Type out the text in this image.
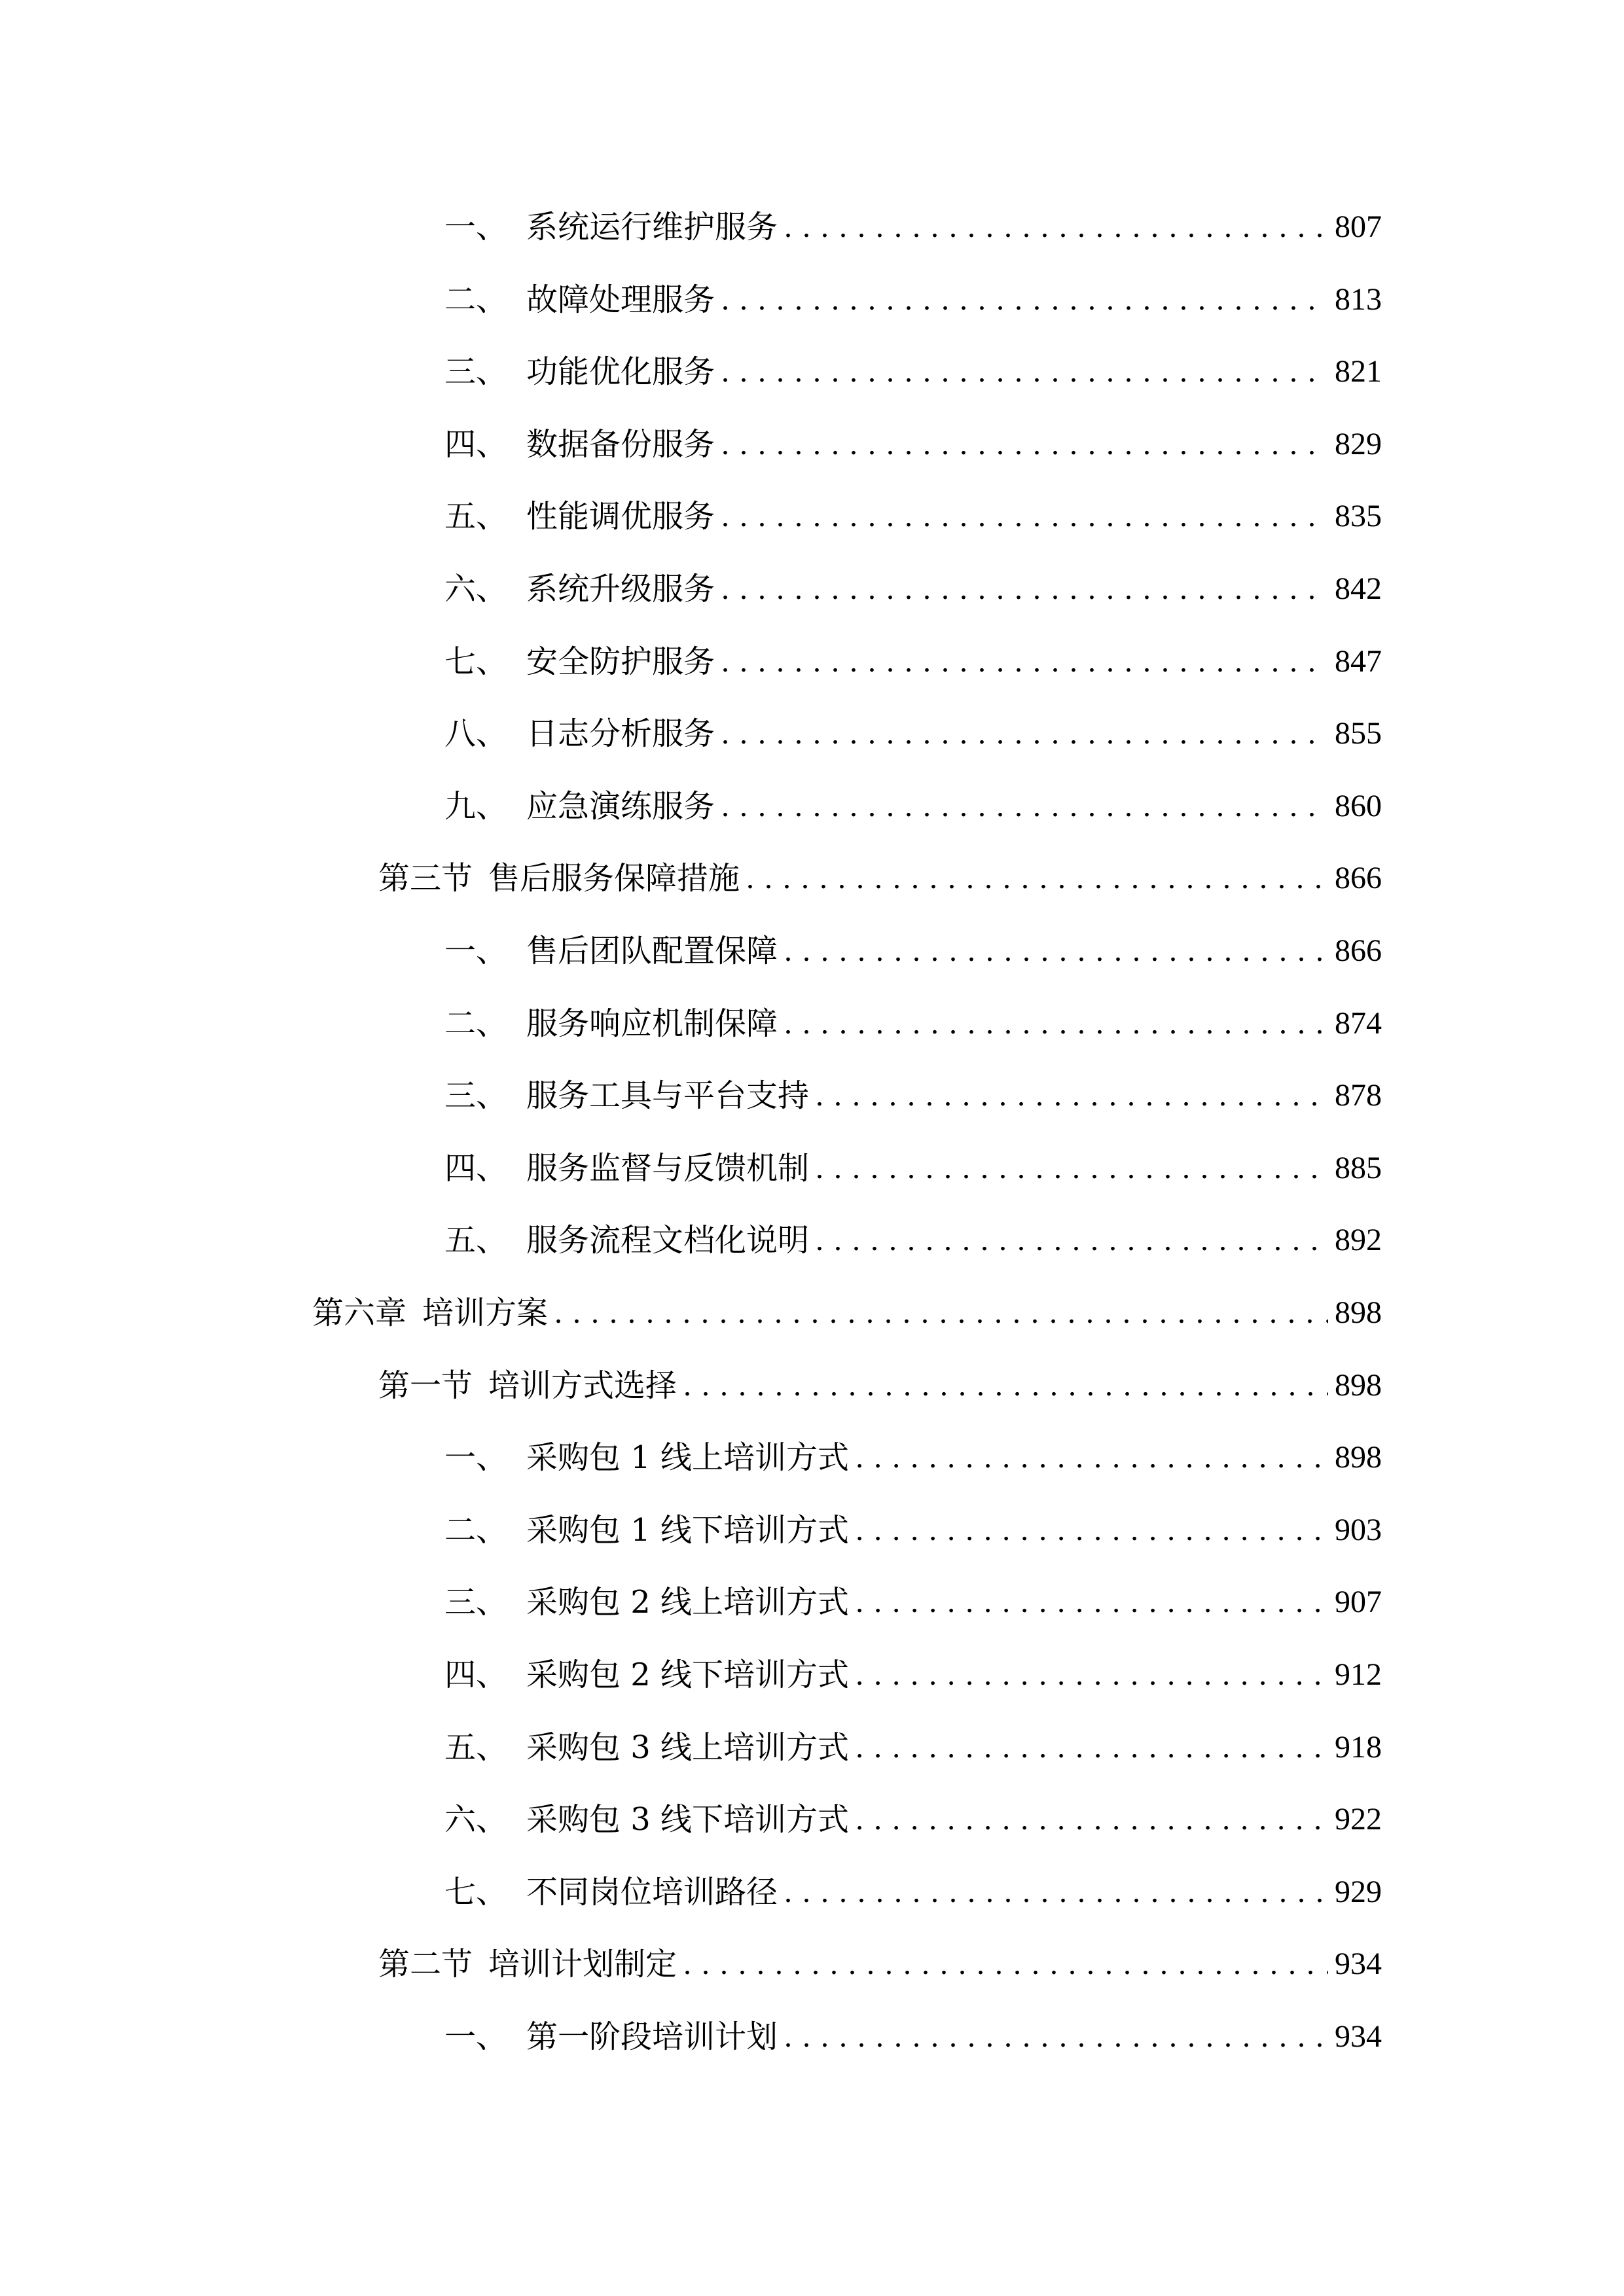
一、 系统运行维护服务 . . .	807
二、 故障处理服务 . . .	813
三、 功能优化服务 . . .	821
四、 数据备份服务 . . .	829
五、 性能调优服务 . . .	835
六、 系统升级服务 . . .	842
七、 安全防护服务 . . .	847
八、 日志分析服务 . . .	855
九、 应急演练服务 . . .	860
第三节 售后服务保障措施 . . .	866
一、 售后团队配置保障 . . .	866
二、 服务响应机制保障 . . .	874
三、 服务工具与平台支持 . . .	878
四、 服务监督与反馈机制 . . .	885
五、 服务流程文档化说明 . . .	892
第六章 培训方案 . . .	898
第一节 培训方式选择 . . .	898
一、 采购包 1 线上培训方式 . . .	898
二、 采购包 1 线下培训方式 . . .	903
三、 采购包 2 线上培训方式 . . .	907
四、 采购包 2 线下培训方式 . . .	912
五、 采购包 3 线上培训方式 . . .	918
六、 采购包 3 线下培训方式 . . .	922
七、 不同岗位培训路径 . . .	929
第二节 培训计划制定 . . .	934
一、 第一阶段培训计划 . . .	934
